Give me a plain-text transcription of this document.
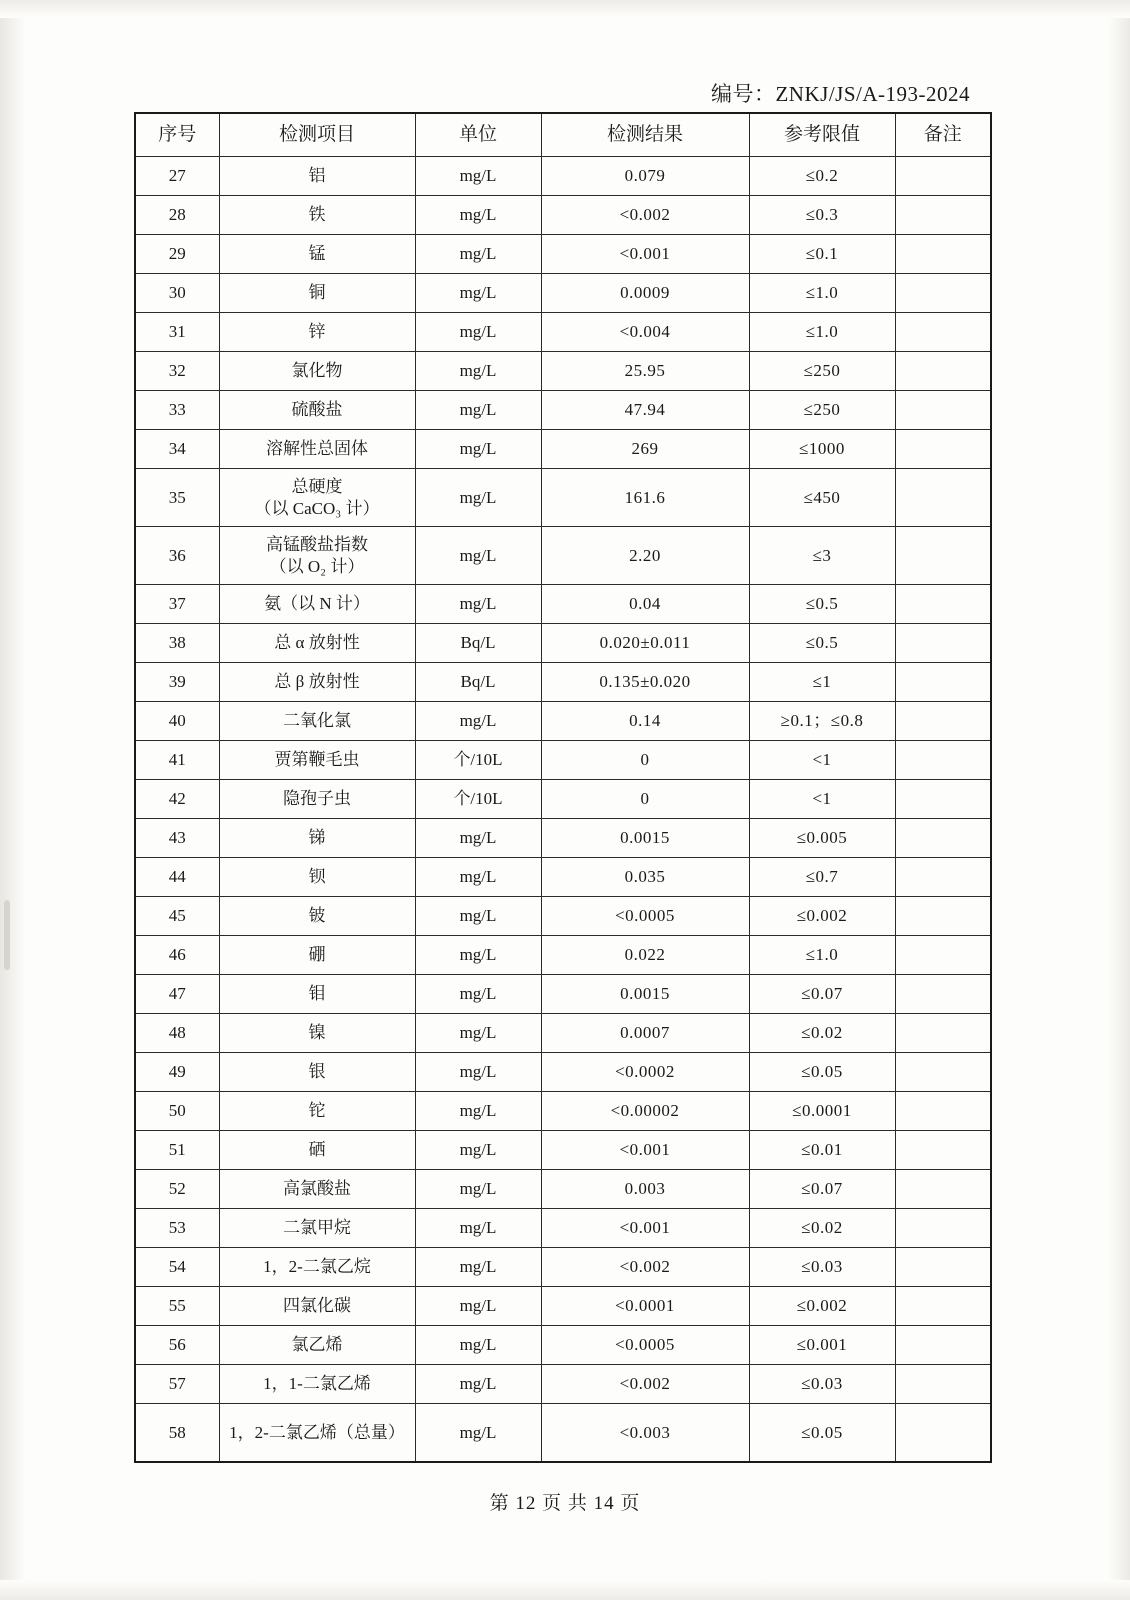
编号：ZNKJ/JS/A-193-2024
序号	检测项目	单位	检测结果	参考限值	备注
27	铝	mg/L	0.079	≤0.2	
28	铁	mg/L	<0.002	≤0.3	
29	锰	mg/L	<0.001	≤0.1	
30	铜	mg/L	0.0009	≤1.0	
31	锌	mg/L	<0.004	≤1.0	
32	氯化物	mg/L	25.95	≤250	
33	硫酸盐	mg/L	47.94	≤250	
34	溶解性总固体	mg/L	269	≤1000	
35	总硬度
（以 CaCO₃ 计）	mg/L	161.6	≤450	
36	高锰酸盐指数
（以 O₂ 计）	mg/L	2.20	≤3	
37	氨（以 N 计）	mg/L	0.04	≤0.5	
38	总 α 放射性	Bq/L	0.020±0.011	≤0.5	
39	总 β 放射性	Bq/L	0.135±0.020	≤1	
40	二氧化氯	mg/L	0.14	≥0.1；≤0.8	
41	贾第鞭毛虫	个/10L	0	<1	
42	隐孢子虫	个/10L	0	<1	
43	锑	mg/L	0.0015	≤0.005	
44	钡	mg/L	0.035	≤0.7	
45	铍	mg/L	<0.0005	≤0.002	
46	硼	mg/L	0.022	≤1.0	
47	钼	mg/L	0.0015	≤0.07	
48	镍	mg/L	0.0007	≤0.02	
49	银	mg/L	<0.0002	≤0.05	
50	铊	mg/L	<0.00002	≤0.0001	
51	硒	mg/L	<0.001	≤0.01	
52	高氯酸盐	mg/L	0.003	≤0.07	
53	二氯甲烷	mg/L	<0.001	≤0.02	
54	1，2-二氯乙烷	mg/L	<0.002	≤0.03	
55	四氯化碳	mg/L	<0.0001	≤0.002	
56	氯乙烯	mg/L	<0.0005	≤0.001	
57	1，1-二氯乙烯	mg/L	<0.002	≤0.03	
58	1，2-二氯乙烯（总量）	mg/L	<0.003	≤0.05	
第 12 页 共 14 页
